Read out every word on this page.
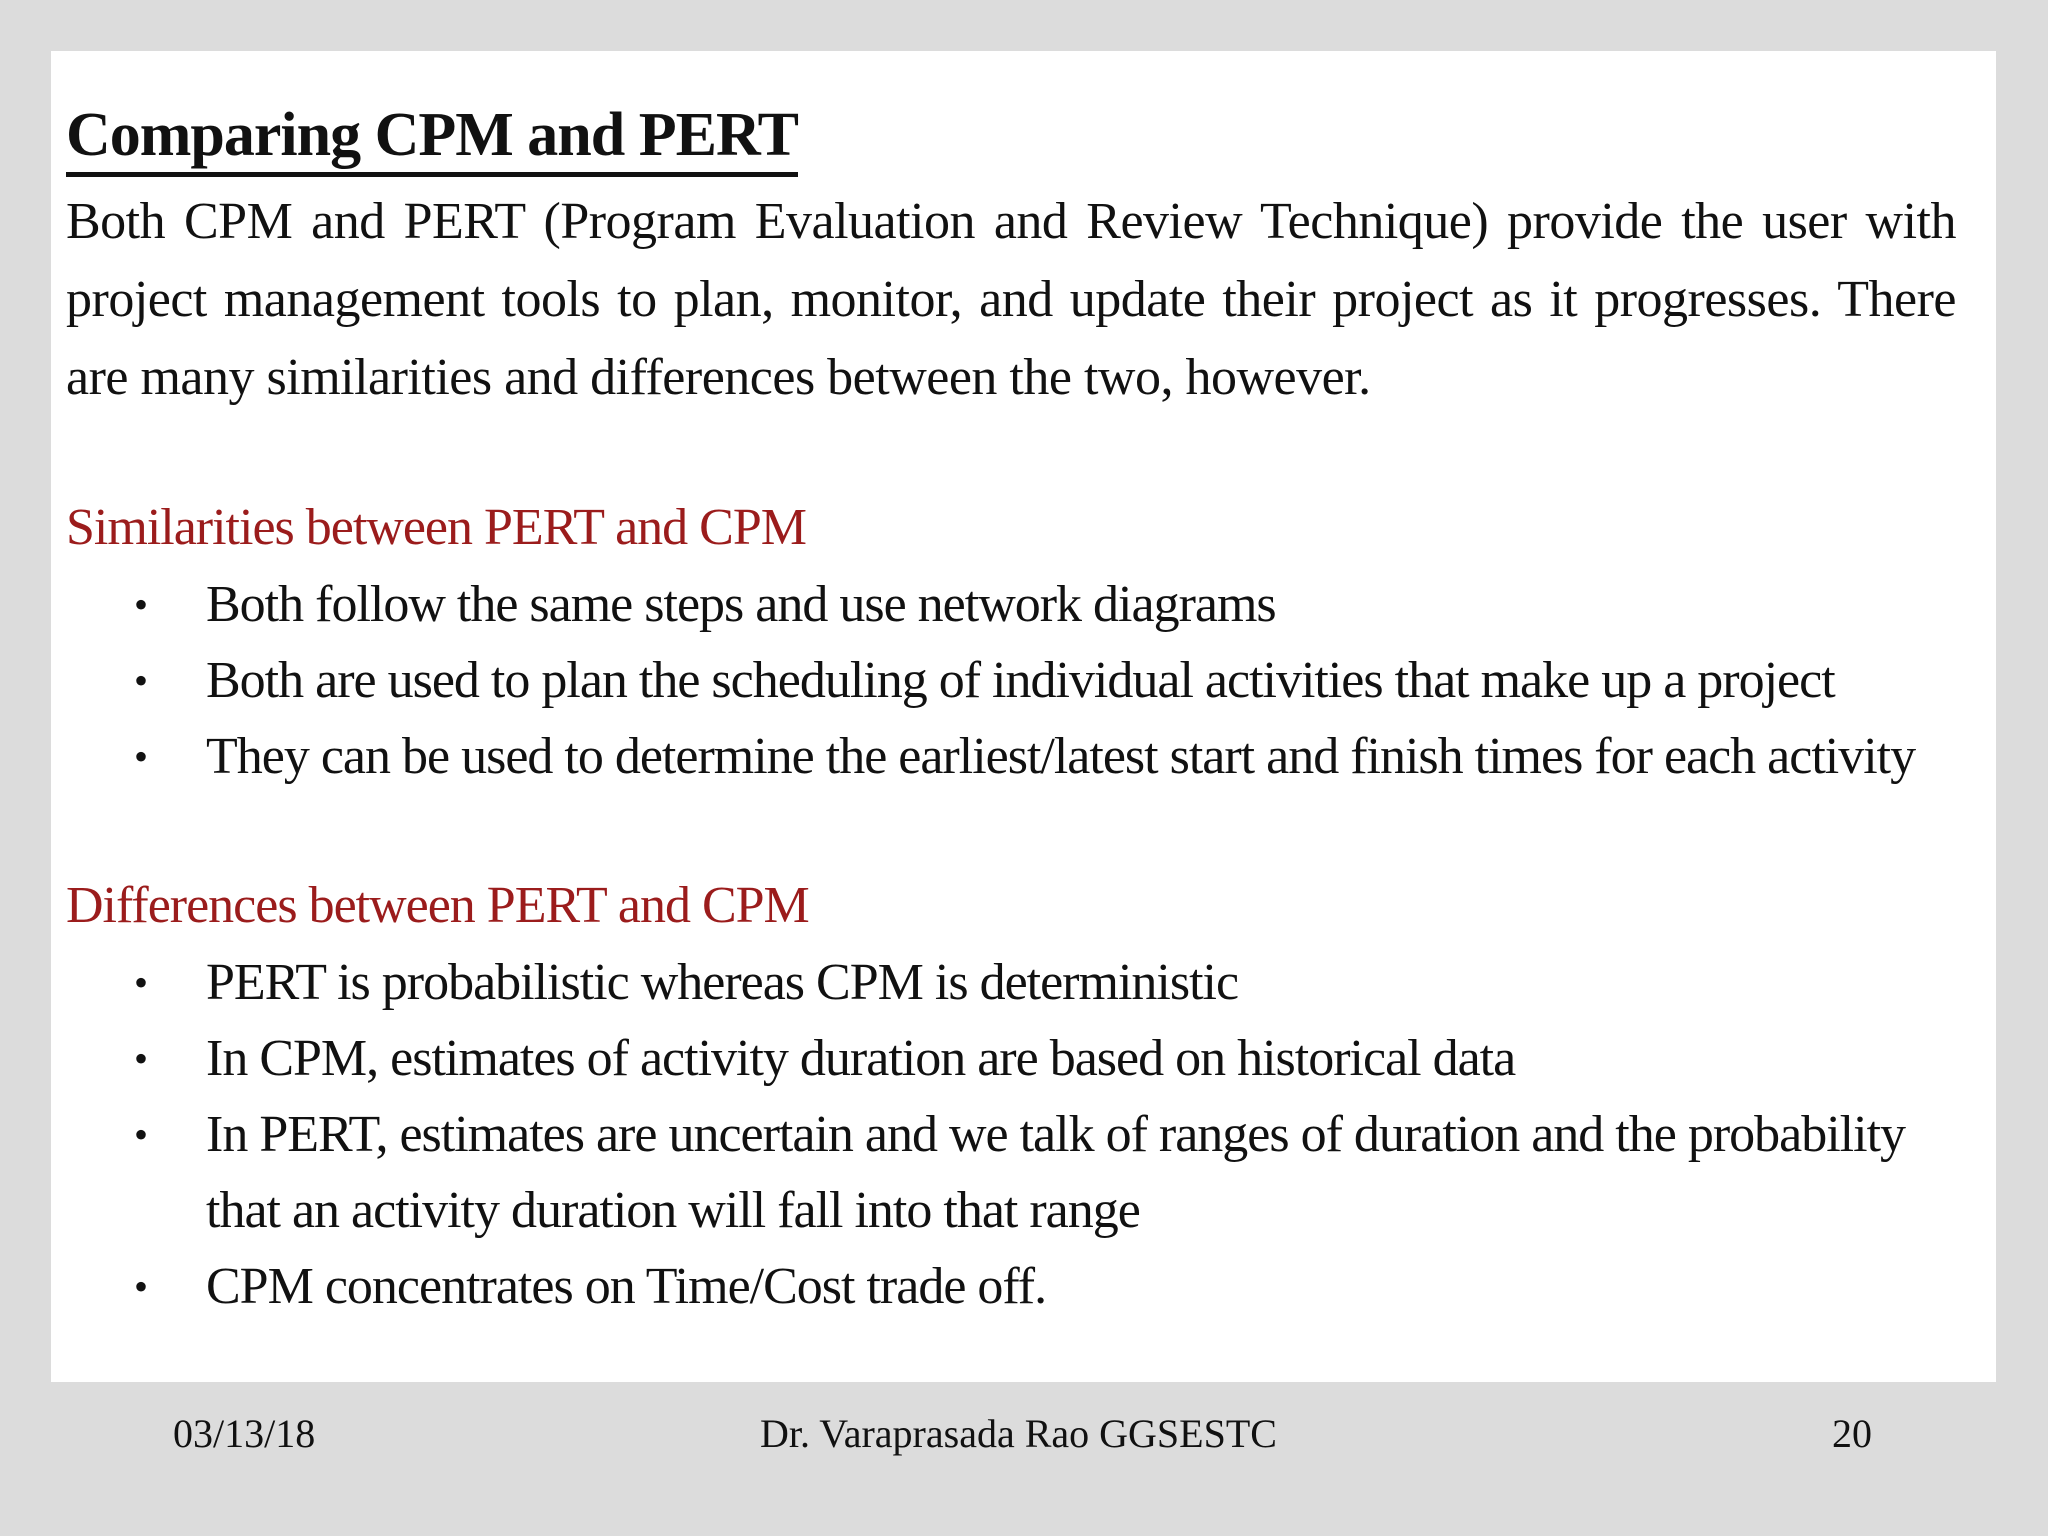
Comparing CPM and PERT

Both CPM and PERT (Program Evaluation and Review Technique) provide the user with project management tools to plan, monitor, and update their project as it progresses. There are many similarities and differences between the two, however.

Similarities between PERT and CPM

• Both follow the same steps and use network diagrams
• Both are used to plan the scheduling of individual activities that make up a project
• They can be used to determine the earliest/latest start and finish times for each activity

Differences between PERT and CPM

• PERT is probabilistic whereas CPM is deterministic
• In CPM, estimates of activity duration are based on historical data
• In PERT, estimates are uncertain and we talk of ranges of duration and the probability that an activity duration will fall into that range
• CPM concentrates on Time/Cost trade off.
03/13/18	Dr. Varaprasada Rao GGSESTC	20
